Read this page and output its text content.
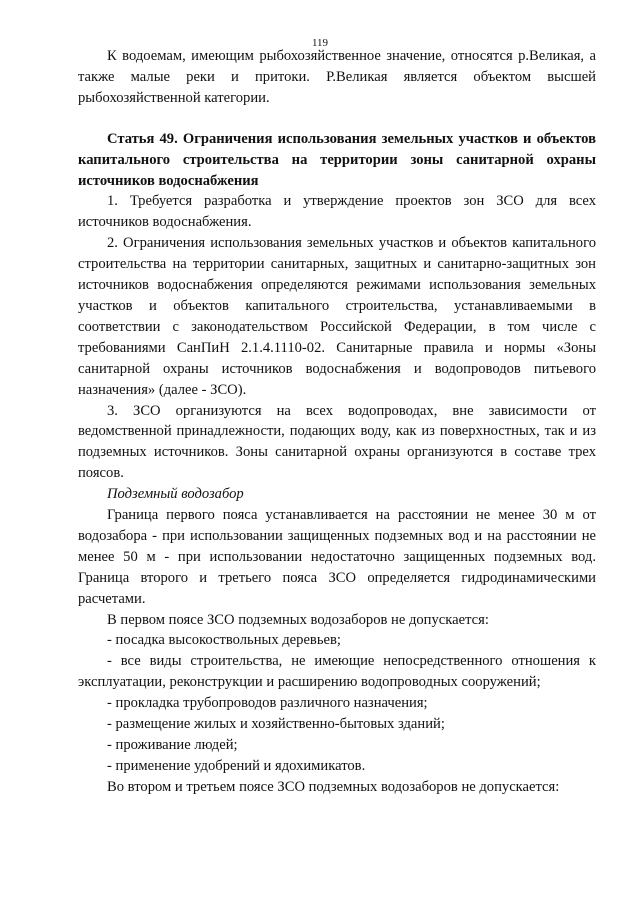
119

К водоемам, имеющим рыбохозяйственное значение, относятся р.Великая, а также малые реки и притоки. Р.Великая является объектом высшей рыбохозяйственной категории.

Статья 49. Ограничения использования земельных участков и объектов капитального строительства на территории зоны санитарной охраны источников водоснабжения

1. Требуется разработка и утверждение проектов зон ЗСО для всех источников водоснабжения.

2. Ограничения использования земельных участков и объектов капитального строительства на территории санитарных, защитных и санитарно-защитных зон источников водоснабжения определяются режимами использования земельных участков и объектов капитального строительства, устанавливаемыми в соответствии с законодательством Российской Федерации, в том числе с требованиями СанПиН 2.1.4.1110-02. Санитарные правила и нормы «Зоны санитарной охраны источников водоснабжения и водопроводов питьевого назначения» (далее - ЗСО).

3. ЗСО организуются на всех водопроводах, вне зависимости от ведомственной принадлежности, подающих воду, как из поверхностных, так и из подземных источников. Зоны санитарной охраны организуются в составе трех поясов.

Подземный водозабор

Граница первого пояса устанавливается на расстоянии не менее 30 м от водозабора - при использовании защищенных подземных вод и на расстоянии не менее 50 м - при использовании недостаточно защищенных подземных вод. Граница второго и третьего пояса ЗСО определяется гидродинамическими расчетами.

В первом поясе ЗСО подземных водозаборов не допускается:

- посадка высокоствольных деревьев;

- все виды строительства, не имеющие непосредственного отношения к эксплуатации, реконструкции и расширению водопроводных сооружений;

- прокладка трубопроводов различного назначения;

- размещение жилых и хозяйственно-бытовых зданий;

- проживание людей;

- применение удобрений и ядохимикатов.

Во втором и третьем поясе ЗСО подземных водозаборов не допускается:
